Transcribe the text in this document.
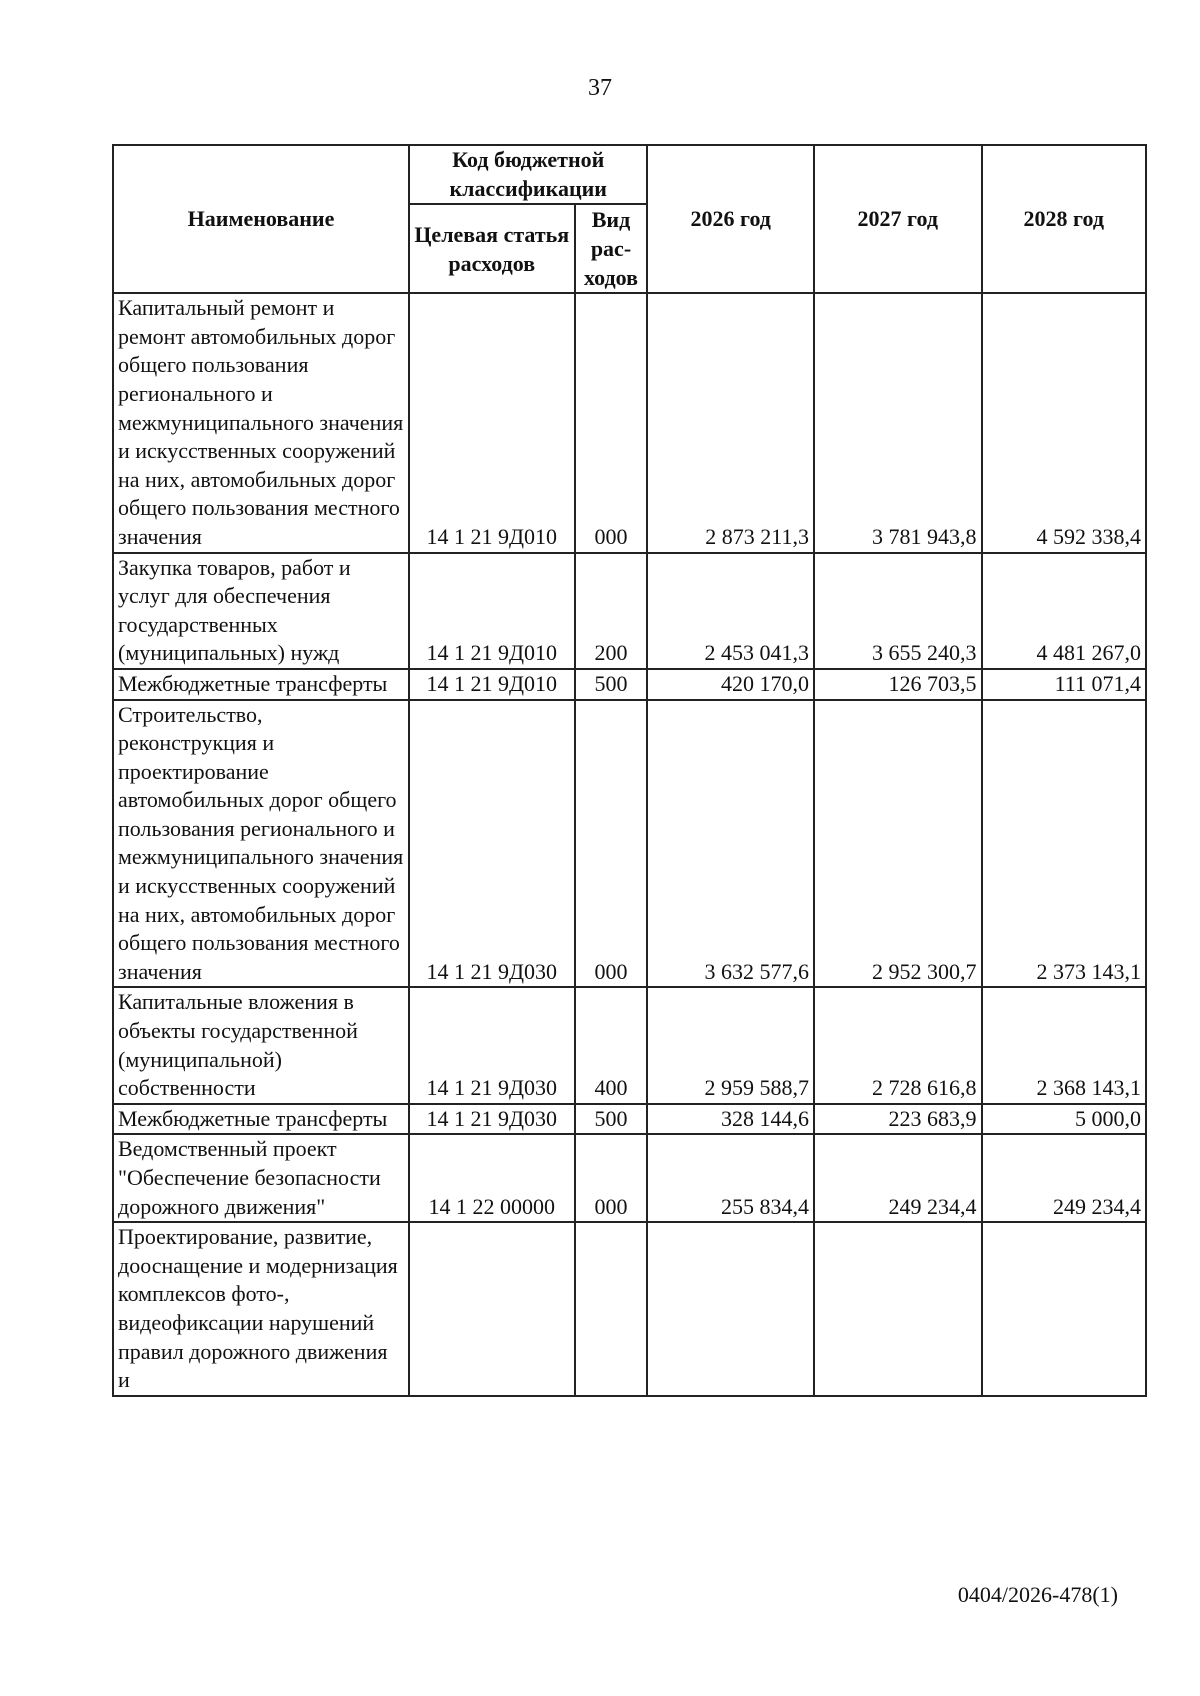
37
Наименование	Код бюджетной классификации		2026 год	2027 год	2028 год
	Целевая статья расходов	Вид рас-ходов			
Капитальный ремонт и ремонт автомобильных дорог общего пользования регионального и межмуниципального значения и искусственных сооружений на них, автомобильных дорог общего пользования местного значения	14 1 21 9Д010	000	2 873 211,3	3 781 943,8	4 592 338,4
Закупка товаров, работ и услуг для обеспечения государственных (муниципальных) нужд	14 1 21 9Д010	200	2 453 041,3	3 655 240,3	4 481 267,0
Межбюджетные трансферты	14 1 21 9Д010	500	420 170,0	126 703,5	111 071,4
Строительство, реконструкция и проектирование автомобильных дорог общего пользования регионального и межмуниципального значения и искусственных сооружений на них, автомобильных дорог общего пользования местного значения	14 1 21 9Д030	000	3 632 577,6	2 952 300,7	2 373 143,1
Капитальные вложения в объекты государственной (муниципальной) собственности	14 1 21 9Д030	400	2 959 588,7	2 728 616,8	2 368 143,1
Межбюджетные трансферты	14 1 21 9Д030	500	328 144,6	223 683,9	5 000,0
Ведомственный проект "Обеспечение безопасности дорожного движения"	14 1 22 00000	000	255 834,4	249 234,4	249 234,4
Проектирование, развитие, дооснащение и модернизация комплексов фото-, видеофиксации нарушений правил дорожного движения и					
0404/2026-478(1)
